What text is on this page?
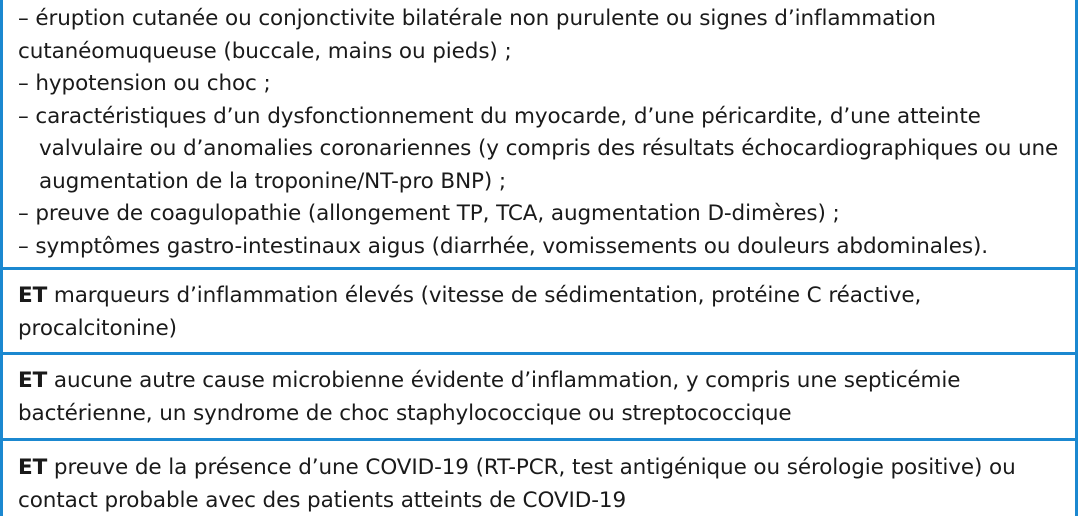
– éruption cutanée ou conjonctivite bilatérale non purulente ou signes d’inflammation cutanéomuqueuse (buccale, mains ou pieds) ;
– hypotension ou choc ;
– caractéristiques d’un dysfonctionnement du myocarde, d’une péricardite, d’une atteinte valvulaire ou d’anomalies coronariennes (y compris des résultats échocardiographiques ou une augmentation de la troponine/NT-pro BNP) ;
– preuve de coagulopathie (allongement TP, TCA, augmentation D-dimères) ;
– symptômes gastro-intestinaux aigus (diarrhée, vomissements ou douleurs abdominales).
ET marqueurs d’inflammation élevés (vitesse de sédimentation, protéine C réactive, procalcitonine)
ET aucune autre cause microbienne évidente d’inflammation, y compris une septicémie bactérienne, un syndrome de choc staphylococcique ou streptococcique
ET preuve de la présence d’une COVID-19 (RT-PCR, test antigénique ou sérologie positive) ou contact probable avec des patients atteints de COVID-19
